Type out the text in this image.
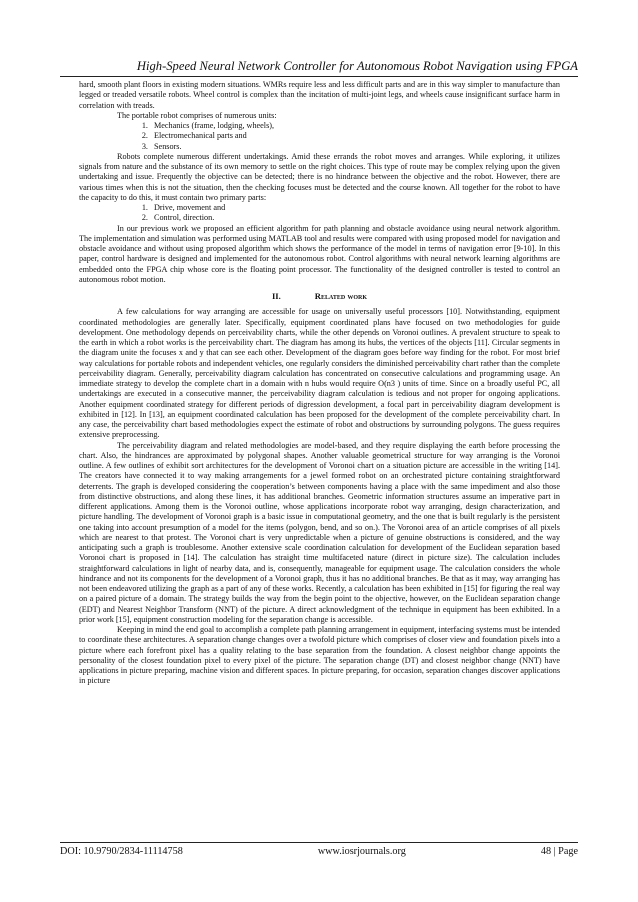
High-Speed Neural Network Controller for Autonomous Robot Navigation using FPGA

hard, smooth plant floors in existing modern situations. WMRs require less and less difficult parts and are in this way simpler to manufacture than legged or treaded versatile robots. Wheel control is complex than the incitation of multi-joint legs, and wheels cause insignificant surface harm in correlation with treads.

The portable robot comprises of numerous units:

1. Mechanics (frame, lodging, wheels),
2. Electromechanical parts and
3. Sensors.

Robots complete numerous different undertakings. Amid these errands the robot moves and arranges. While exploring, it utilizes signals from nature and the substance of its own memory to settle on the right choices. This type of route may be complex relying upon the given undertaking and issue. Frequently the objective can be detected; there is no hindrance between the objective and the robot. However, there are various times when this is not the situation, then the checking focuses must be detected and the course known. All together for the robot to have the capacity to do this, it must contain two primary parts:

1. Drive, movement and
2. Control, direction.

In our previous work we proposed an efficient algorithm for path planning and obstacle avoidance using neural network algorithm. The implementation and simulation was performed using MATLAB tool and results were compared with using proposed model for navigation and obstacle avoidance and without using proposed algorithm which shows the performance of the model in terms of navigation error [9-10]. In this paper, control hardware is designed and implemented for the autonomous robot. Control algorithms with neural network learning algorithms are embedded onto the FPGA chip whose core is the floating point processor. The functionality of the designed controller is tested to control an autonomous robot motion.

II.	Related work

A few calculations for way arranging are accessible for usage on universally useful processors [10]. Notwithstanding, equipment coordinated methodologies are generally later. Specifically, equipment coordinated plans have focused on two methodologies for guide development. One methodology depends on perceivability charts, while the other depends on Voronoi outlines. A prevalent structure to speak to the earth in which a robot works is the perceivability chart. The diagram has among its hubs, the vertices of the objects [11]. Circular segments in the diagram unite the focuses x and y that can see each other. Development of the diagram goes before way finding for the robot. For most brief way calculations for portable robots and independent vehicles, one regularly considers the diminished perceivability chart rather than the complete perceivability diagram. Generally, perceivability diagram calculation has concentrated on consecutive calculations and programming usage. An immediate strategy to develop the complete chart in a domain with n hubs would require O(n3 ) units of time. Since on a broadly useful PC, all undertakings are executed in a consecutive manner, the perceivability diagram calculation is tedious and not proper for ongoing applications. Another equipment coordinated strategy for different periods of digression development, a focal part in perceivability diagram development is exhibited in [12]. In [13], an equipment coordinated calculation has been proposed for the development of the complete perceivability chart. In any case, the perceivability chart based methodologies expect the estimate of robot and obstructions by surrounding polygons. The guess requires extensive preprocessing.

The perceivability diagram and related methodologies are model-based, and they require displaying the earth before processing the chart. Also, the hindrances are approximated by polygonal shapes. Another valuable geometrical structure for way arranging is the Voronoi outline. A few outlines of exhibit sort architectures for the development of Voronoi chart on a situation picture are accessible in the writing [14]. The creators have connected it to way making arrangements for a jewel formed robot on an orchestrated picture containing straightforward deterrents. The graph is developed considering the cooperation’s between components having a place with the same impediment and also those from distinctive obstructions, and along these lines, it has additional branches. Geometric information structures assume an imperative part in different applications. Among them is the Voronoi outline, whose applications incorporate robot way arranging, design characterization, and picture handling. The development of Voronoi graph is a basic issue in computational geometry, and the one that is built regularly is the persistent one taking into account presumption of a model for the items (polygon, bend, and so on.). The Voronoi area of an article comprises of all pixels which are nearest to that protest. The Voronoi chart is very unpredictable when a picture of genuine obstructions is considered, and the way anticipating such a graph is troublesome. Another extensive scale coordination calculation for development of the Euclidean separation based Voronoi chart is proposed in [14]. The calculation has straight time multifaceted nature (direct in picture size). The calculation includes straightforward calculations in light of nearby data, and is, consequently, manageable for equipment usage. The calculation considers the whole hindrance and not its components for the development of a Voronoi graph, thus it has no additional branches. Be that as it may, way arranging has not been endeavored utilizing the graph as a part of any of these works. Recently, a calculation has been exhibited in [15] for figuring the real way on a paired picture of a domain. The strategy builds the way from the begin point to the objective, however, on the Euclidean separation change (EDT) and Nearest Neighbor Transform (NNT) of the picture. A direct acknowledgment of the technique in equipment has been exhibited. In a prior work [15], equipment construction modeling for the separation change is accessible.

Keeping in mind the end goal to accomplish a complete path planning arrangement in equipment, interfacing systems must be intended to coordinate these architectures. A separation change changes over a twofold picture which comprises of closer view and foundation pixels into a picture where each forefront pixel has a quality relating to the base separation from the foundation. A closest neighbor change appoints the personality of the closest foundation pixel to every pixel of the picture. The separation change (DT) and closest neighbor change (NNT) have applications in picture preparing, machine vision and different spaces. In picture preparing, for occasion, separation changes discover applications in picture

DOI: 10.9790/2834-11114758	www.iosrjournals.org	48 | Page
